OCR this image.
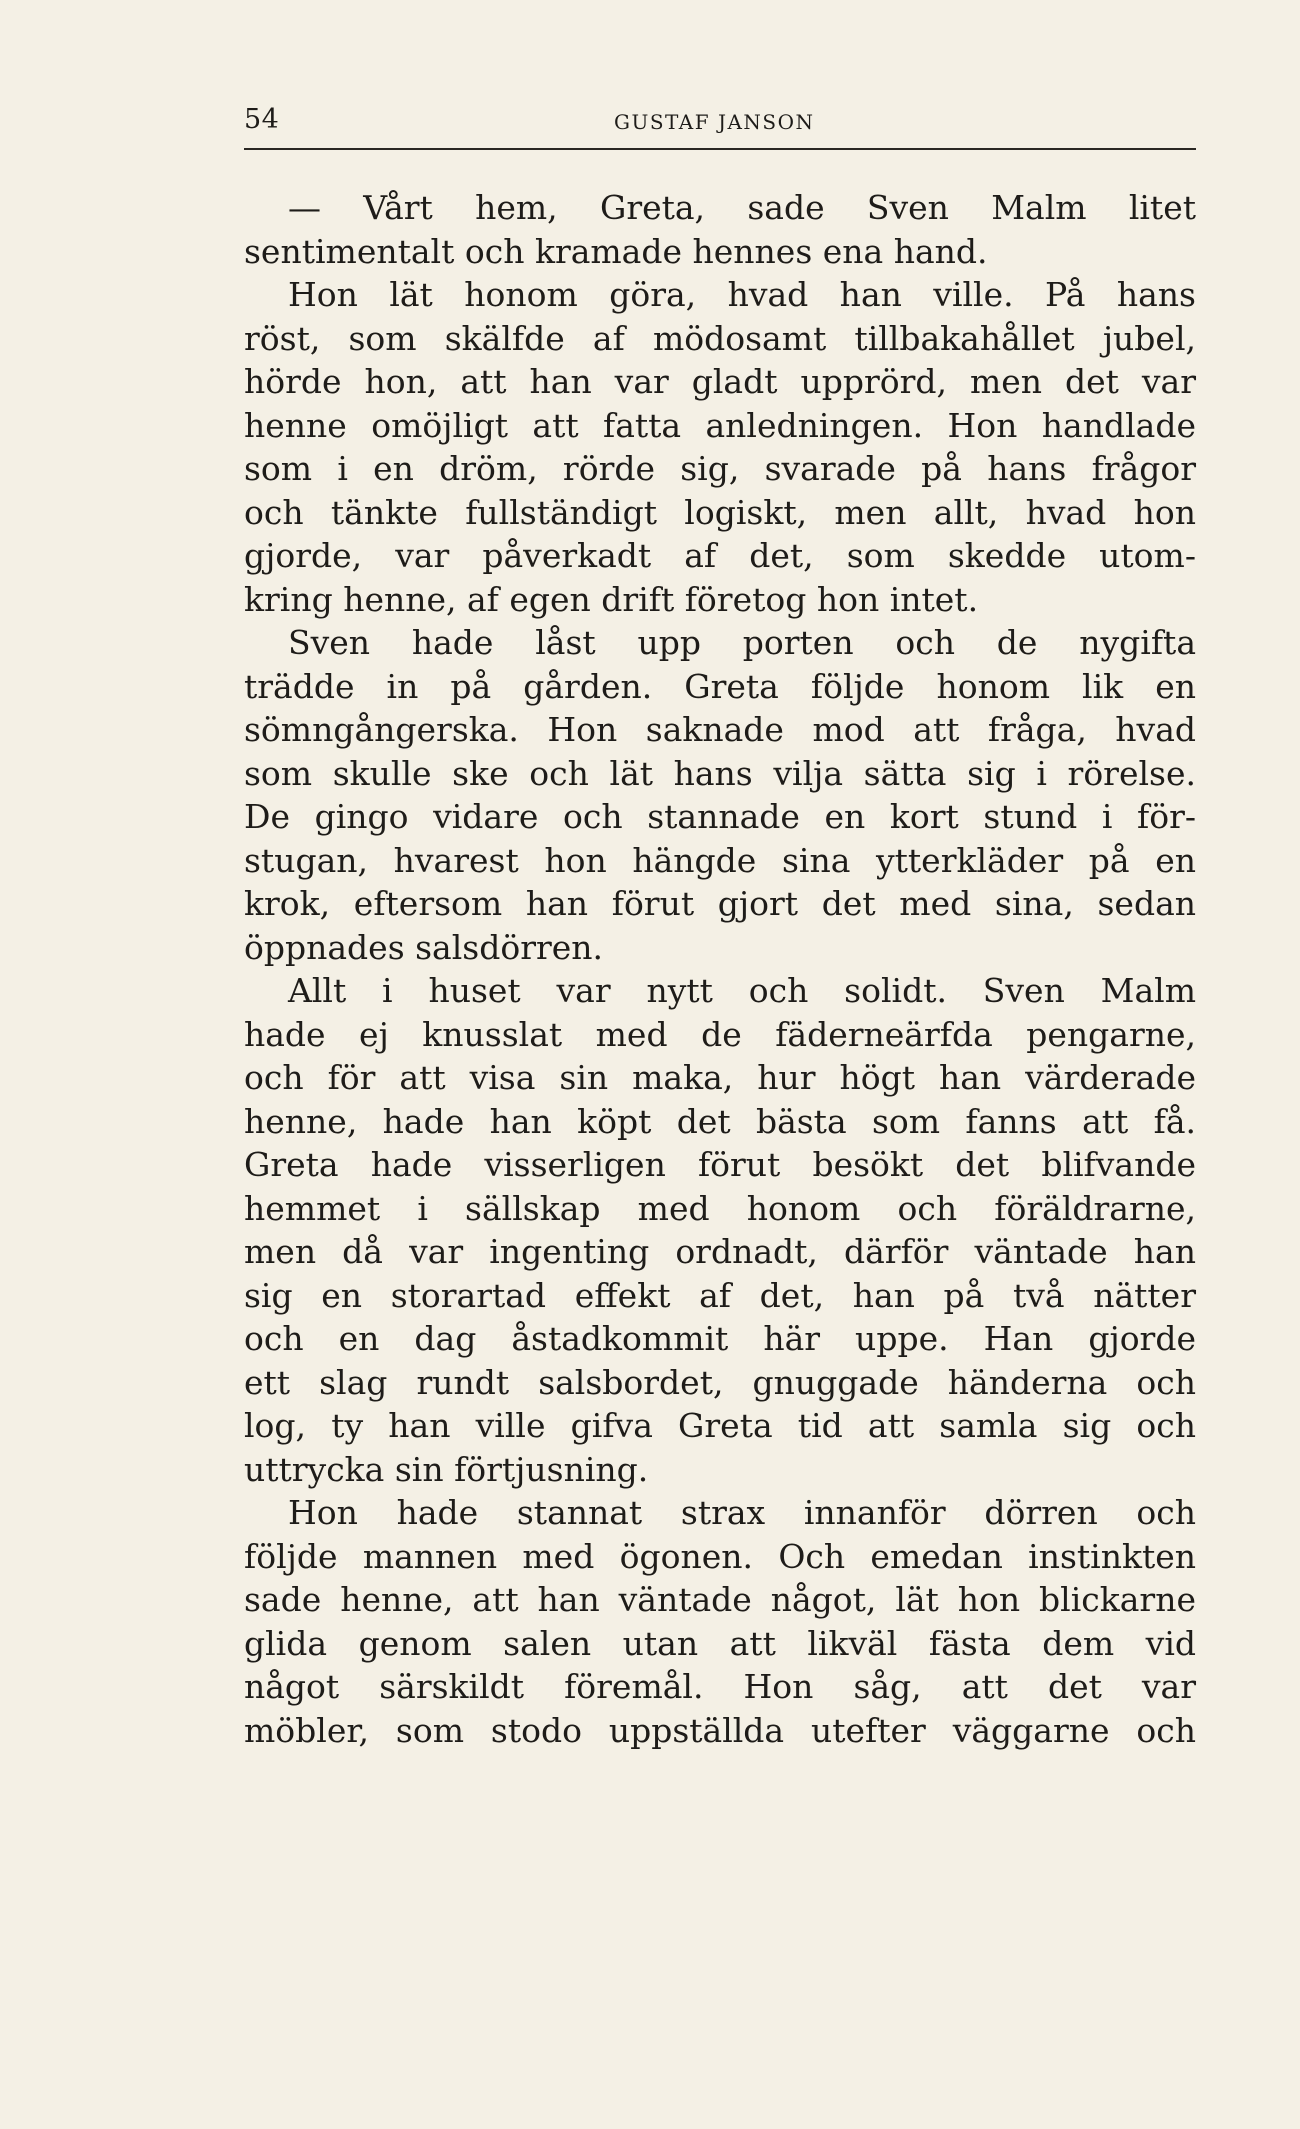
54	GUSTAF JANSON
— Vårt hem, Greta, sade Sven Malm litet
sentimentalt och kramade hennes ena hand.
Hon lät honom göra, hvad han ville. På hans
röst, som skälfde af mödosamt tillbakahållet jubel,
hörde hon, att han var gladt upprörd, men det var
henne omöjligt att fatta anledningen. Hon handlade
som i en dröm, rörde sig, svarade på hans frågor
och tänkte fullständigt logiskt, men allt, hvad hon
gjorde, var påverkadt af det, som skedde utom-
kring henne, af egen drift företog hon intet.
Sven hade låst upp porten och de nygifta
trädde in på gården. Greta följde honom lik en
sömngångerska. Hon saknade mod att fråga, hvad
som skulle ske och lät hans vilja sätta sig i rörelse.
De gingo vidare och stannade en kort stund i för-
stugan, hvarest hon hängde sina ytterkläder på en
krok, eftersom han förut gjort det med sina, sedan
öppnades salsdörren.
Allt i huset var nytt och solidt. Sven Malm
hade ej knusslat med de fäderneärfda pengarne,
och för att visa sin maka, hur högt han värderade
henne, hade han köpt det bästa som fanns att få.
Greta hade visserligen förut besökt det blifvande
hemmet i sällskap med honom och föräldrarne,
men då var ingenting ordnadt, därför väntade han
sig en storartad effekt af det, han på två nätter
och en dag åstadkommit här uppe. Han gjorde
ett slag rundt salsbordet, gnuggade händerna och
log, ty han ville gifva Greta tid att samla sig och
uttrycka sin förtjusning.
Hon hade stannat strax innanför dörren och
följde mannen med ögonen. Och emedan instinkten
sade henne, att han väntade något, lät hon blickarne
glida genom salen utan att likväl fästa dem vid
något särskildt föremål. Hon såg, att det var
möbler, som stodo uppställda utefter väggarne och
